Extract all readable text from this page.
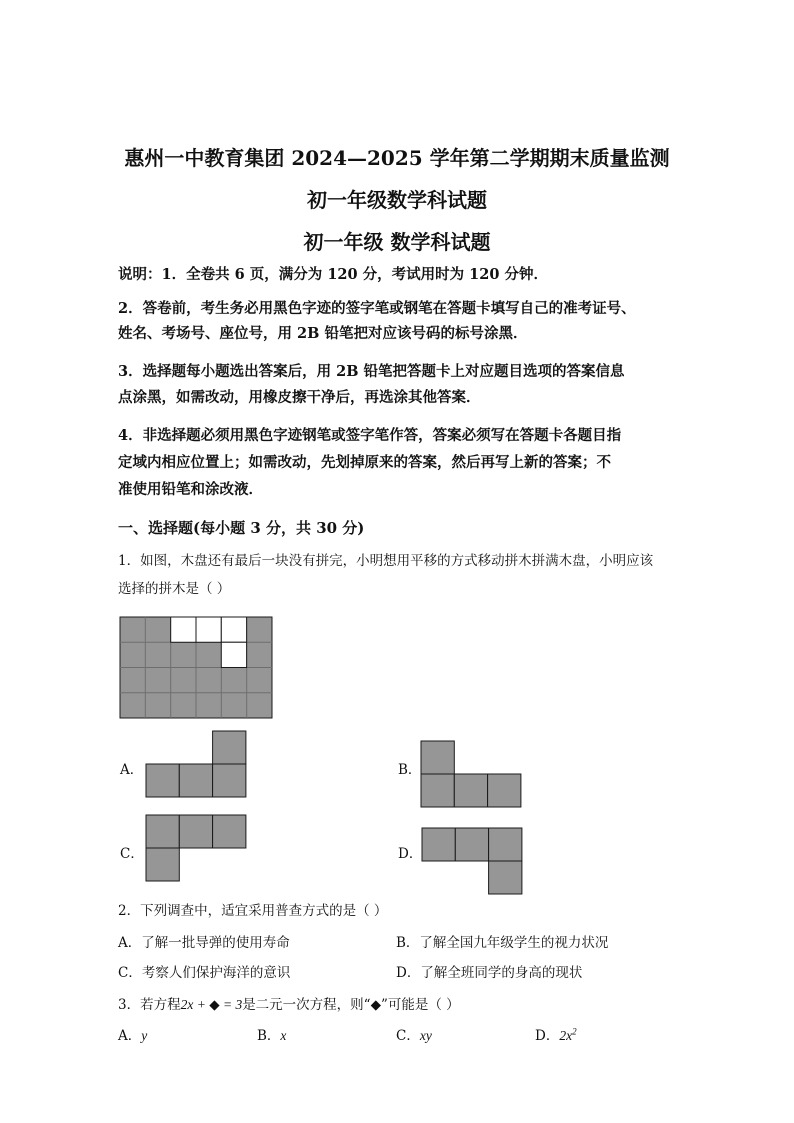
惠州一中教育集团 2024—2025 学年第二学期期末质量监测
初一年级数学科试题
初一年级 数学科试题
说明：1．全卷共 6 页，满分为 120 分，考试用时为 120 分钟．
2．答卷前，考生务必用黑色字迹的签字笔或钢笔在答题卡填写自己的准考证号、
姓名、考场号、座位号，用 2B 铅笔把对应该号码的标号涂黑．
3．选择题每小题选出答案后，用 2B 铅笔把答题卡上对应题目选项的答案信息
点涂黑，如需改动，用橡皮擦干净后，再选涂其他答案．
4．非选择题必须用黑色字迹钢笔或签字笔作答，答案必须写在答题卡各题目指
定域内相应位置上；如需改动，先划掉原来的答案，然后再写上新的答案；不
准使用铅笔和涂改液．
一、选择题(每小题 3 分，共 30 分)
1．如图，木盘还有最后一块没有拼完，小明想用平移的方式移动拼木拼满木盘，小明应该
选择的拼木是（ ）
A．	B．
C．	D．
2．下列调查中，适宜采用普查方式的是（ ）
A．了解一批导弹的使用寿命	B．了解全国九年级学生的视力状况
C．考察人们保护海洋的意识	D．了解全班同学的身高的现状
3．若方程2x + ◆ = 3是二元一次方程，则“◆”可能是（ ）
A．y	B．x	C．xy	D．$2x^2$
